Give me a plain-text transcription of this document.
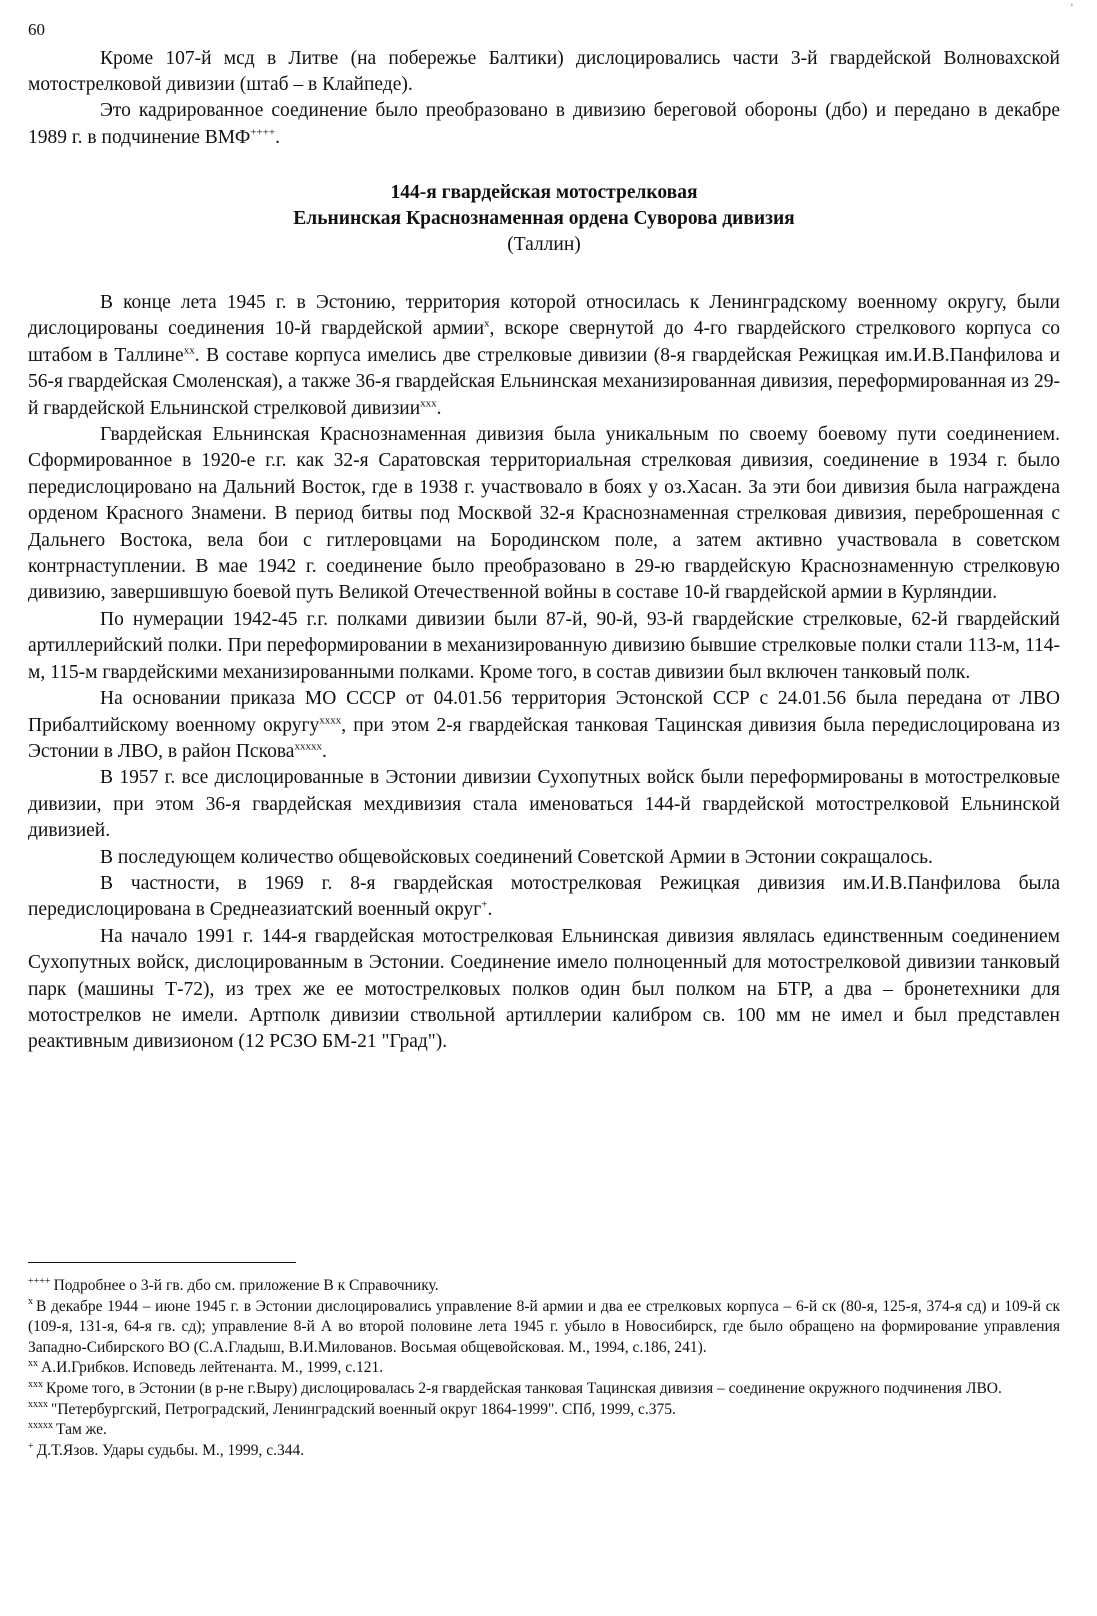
'
60

Кроме 107-й мсд в Литве (на побережье Балтики) дислоцировались части 3-й гвардейской Волновахской мотострелковой дивизии (штаб – в Клайпеде).

Это кадрированное соединение было преобразовано в дивизию береговой обороны (дбо) и передано в декабре 1989 г. в подчинение ВМФ++++.

144-я гвардейская мотострелковая
Ельнинская Краснознаменная ордена Суворова дивизия
(Таллин)

В конце лета 1945 г. в Эстонию, территория которой относилась к Ленинградскому военному округу, были дислоцированы соединения 10-й гвардейской армии$^x$, вскоре свернутой до 4-го гвардейского стрелкового корпуса со штабом в Таллине$^{xx}$. В составе корпуса имелись две стрелковые дивизии (8-я гвардейская Режицкая им.И.В.Панфилова и 56-я гвардейская Смоленская), а также 36-я гвардейская Ельнинская механизированная дивизия, переформированная из 29-й гвардейской Ельнинской стрелковой дивизии$^{xxx}$.

Гвардейская Ельнинская Краснознаменная дивизия была уникальным по своему боевому пути соединением. Сформированное в 1920-е г.г. как 32-я Саратовская территориальная стрелковая дивизия, соединение в 1934 г. было передислоцировано на Дальний Восток, где в 1938 г. участвовало в боях у оз.Хасан. За эти бои дивизия была награждена орденом Красного Знамени. В период битвы под Москвой 32-я Краснознаменная стрелковая дивизия, переброшенная с Дальнего Востока, вела бои с гитлеровцами на Бородинском поле, а затем активно участвовала в советском контрнаступлении. В мае 1942 г. соединение было преобразовано в 29-ю гвардейскую Краснознаменную стрелковую дивизию, завершившую боевой путь Великой Отечественной войны в составе 10-й гвардейской армии в Курляндии.

По нумерации 1942-45 г.г. полками дивизии были 87-й, 90-й, 93-й гвардейские стрелковые, 62-й гвардейский артиллерийский полки. При переформировании в механизированную дивизию бывшие стрелковые полки стали 113-м, 114-м, 115-м гвардейскими механизированными полками. Кроме того, в состав дивизии был включен танковый полк.

На основании приказа МО СССР от 04.01.56 территория Эстонской ССР с 24.01.56 была передана от ЛВО Прибалтийскому военному округу$^{xxxx}$, при этом 2-я гвардейская танковая Тацинская дивизия была передислоцирована из Эстонии в ЛВО, в район Пскова$^{xxxxx}$.

В 1957 г. все дислоцированные в Эстонии дивизии Сухопутных войск были переформированы в мотострелковые дивизии, при этом 36-я гвардейская мехдивизия стала именоваться 144-й гвардейской мотострелковой Ельнинской дивизией.

В последующем количество общевойсковых соединений Советской Армии в Эстонии сокращалось.

В частности, в 1969 г. 8-я гвардейская мотострелковая Режицкая дивизия им.И.В.Панфилова была передислоцирована в Среднеазиатский военный округ+.

На начало 1991 г. 144-я гвардейская мотострелковая Ельнинская дивизия являлась единственным соединением Сухопутных войск, дислоцированным в Эстонии. Соединение имело полноценный для мотострелковой дивизии танковый парк (машины Т-72), из трех же ее мотострелковых полков один был полком на БТР, а два – бронетехники для мотострелков не имели. Артполк дивизии ствольной артиллерии калибром св. 100 мм не имел и был представлен реактивным дивизионом (12 РСЗО БМ-21 "Град").

++++ Подробнее о 3-й гв. дбо см. приложение В к Справочнику.

$^x$ В декабре 1944 – июне 1945 г. в Эстонии дислоцировались управление 8-й армии и два ее стрелковых корпуса – 6-й ск (80-я, 125-я, 374-я сд) и 109-й ск (109-я, 131-я, 64-я гв. сд); управление 8-й А во второй половине лета 1945 г. убыло в Новосибирск, где было обращено на формирование управления Западно-Сибирского ВО (С.А.Гладыш, В.И.Милованов. Восьмая общевойсковая. М., 1994, с.186, 241).

$^{xx}$ А.И.Грибков. Исповедь лейтенанта. М., 1999, с.121.

$^{xxx}$ Кроме того, в Эстонии (в р-не г.Выру) дислоцировалась 2-я гвардейская танковая Тацинская дивизия – соединение окружного подчинения ЛВО.

$^{xxxx}$ "Петербургский, Петроградский, Ленинградский военный округ 1864-1999". СПб, 1999, с.375.

$^{xxxxx}$ Там же.

+ Д.Т.Язов. Удары судьбы. М., 1999, с.344.
